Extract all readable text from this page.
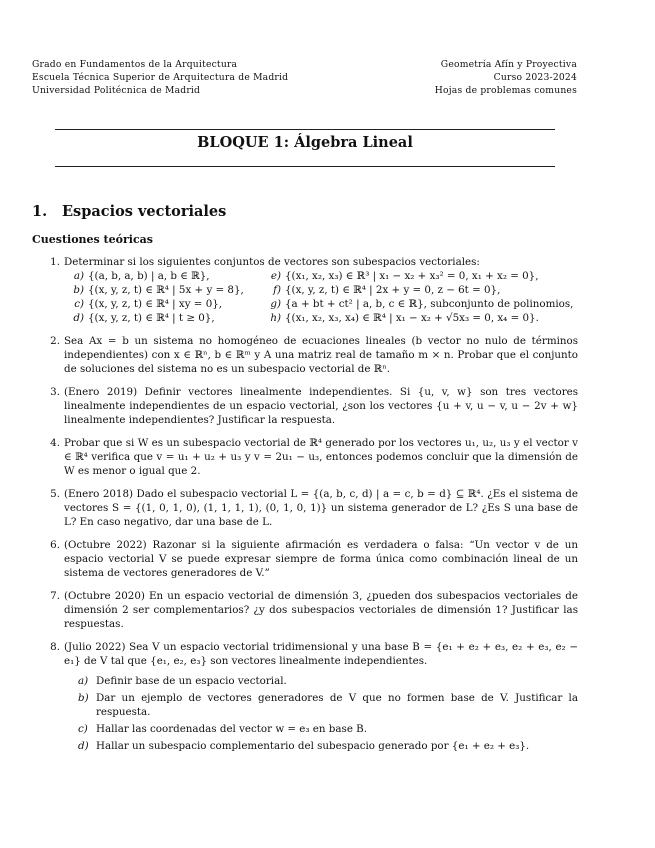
Grado en Fundamentos de la Arquitectura
Escuela Técnica Superior de Arquitectura de Madrid
Universidad Politécnica de Madrid
Geometría Afín y Proyectiva
Curso 2023-2024
Hojas de problemas comunes
BLOQUE 1: Álgebra Lineal
1. Espacios vectoriales
Cuestiones teóricas
1. Determinar si los siguientes conjuntos de vectores son subespacios vectoriales:
a) {(a, b, a, b) | a, b ∈ ℝ},	e) {(x₁, x₂, x₃) ∈ ℝ³ | x₁ − x₂ + x₃² = 0, x₁ + x₂ = 0},
b) {(x, y, z, t) ∈ ℝ⁴ | 5x + y = 8},	f) {(x, y, z, t) ∈ ℝ⁴ | 2x + y = 0, z − 6t = 0},
c) {(x, y, z, t) ∈ ℝ⁴ | xy = 0},	g) {a + bt + ct² | a, b, c ∈ ℝ}, subconjunto de polinomios,
d) {(x, y, z, t) ∈ ℝ⁴ | t ≥ 0},	h) {(x₁, x₂, x₃, x₄) ∈ ℝ⁴ | x₁ − x₂ + √5x₃ = 0, x₄ = 0}.
2. Sea Ax = b un sistema no homogéneo de ecuaciones lineales (b vector no nulo de términos independientes) con x ∈ ℝⁿ, b ∈ ℝᵐ y A una matriz real de tamaño m × n. Probar que el conjunto de soluciones del sistema no es un subespacio vectorial de ℝⁿ.
3. (Enero 2019) Definir vectores linealmente independientes. Si {u, v, w} son tres vectores linealmente independientes de un espacio vectorial, ¿son los vectores {u + v, u − v, u − 2v + w} linealmente independientes? Justificar la respuesta.
4. Probar que si W es un subespacio vectorial de ℝ⁴ generado por los vectores u₁, u₂, u₃ y el vector v ∈ ℝ⁴ verifica que v = u₁ + u₂ + u₃ y v = 2u₁ − u₃, entonces podemos concluir que la dimensión de W es menor o igual que 2.
5. (Enero 2018) Dado el subespacio vectorial L = {(a, b, c, d) | a = c, b = d} ⊆ ℝ⁴. ¿Es el sistema de vectores S = {(1, 0, 1, 0), (1, 1, 1, 1), (0, 1, 0, 1)} un sistema generador de L? ¿Es S una base de L? En caso negativo, dar una base de L.
6. (Octubre 2022) Razonar si la siguiente afirmación es verdadera o falsa: “Un vector v de un espacio vectorial V se puede expresar siempre de forma única como combinación lineal de un sistema de vectores generadores de V.”
7. (Octubre 2020) En un espacio vectorial de dimensión 3, ¿pueden dos subespacios vectoriales de dimensión 2 ser complementarios? ¿y dos subespacios vectoriales de dimensión 1? Justificar las respuestas.
8. (Julio 2022) Sea V un espacio vectorial tridimensional y una base B = {e₁ + e₂ + e₃, e₂ + e₃, e₂ − e₁} de V tal que {e₁, e₂, e₃} son vectores linealmente independientes.
a) Definir base de un espacio vectorial.
b) Dar un ejemplo de vectores generadores de V que no formen base de V. Justificar la respuesta.
c) Hallar las coordenadas del vector w = e₃ en base B.
d) Hallar un subespacio complementario del subespacio generado por {e₁ + e₂ + e₃}.
